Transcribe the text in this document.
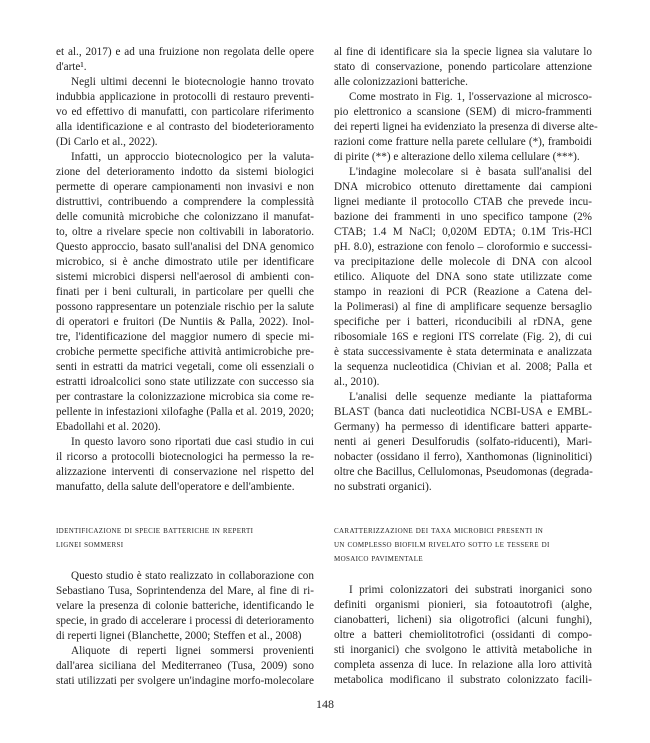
et al., 2017) e ad una fruizione non regolata delle opere
d'arte¹.
Negli ultimi decenni le biotecnologie hanno trovato
indubbia applicazione in protocolli di restauro preventi-
vo ed effettivo di manufatti, con particolare riferimento
alla identificazione e al contrasto del biodeterioramento
(Di Carlo et al., 2022).
Infatti, un approccio biotecnologico per la valuta-
zione del deterioramento indotto da sistemi biologici
permette di operare campionamenti non invasivi e non
distruttivi, contribuendo a comprendere la complessità
delle comunità microbiche che colonizzano il manufat-
to, oltre a rivelare specie non coltivabili in laboratorio.
Questo approccio, basato sull'analisi del DNA genomico
microbico, si è anche dimostrato utile per identificare
sistemi microbici dispersi nell'aerosol di ambienti con-
finati per i beni culturali, in particolare per quelli che
possono rappresentare un potenziale rischio per la salute
di operatori e fruitori (De Nuntiis & Palla, 2022). Inol-
tre, l'identificazione del maggior numero di specie mi-
crobiche permette specifiche attività antimicrobiche pre-
senti in estratti da matrici vegetali, come oli essenziali o
estratti idroalcolici sono state utilizzate con successo sia
per contrastare la colonizzazione microbica sia come re-
pellente in infestazioni xilofaghe (Palla et al. 2019, 2020;
Ebadollahi et al. 2020).
In questo lavoro sono riportati due casi studio in cui
il ricorso a protocolli biotecnologici ha permesso la re-
alizzazione interventi di conservazione nel rispetto del
manufatto, della salute dell'operatore e dell'ambiente.
identificazione di specie batteriche in reperti
lignei sommersi
Questo studio è stato realizzato in collaborazione con
Sebastiano Tusa, Soprintendenza del Mare, al fine di ri-
velare la presenza di colonie batteriche, identificando le
specie, in grado di accelerare i processi di deterioramento
di reperti lignei (Blanchette, 2000; Steffen et al., 2008)
Aliquote di reperti lignei sommersi provenienti
dall'area siciliana del Mediterraneo (Tusa, 2009) sono
stati utilizzati per svolgere un'indagine morfo-molecolare
al fine di identificare sia la specie lignea sia valutare lo
stato di conservazione, ponendo particolare attenzione
alle colonizzazioni batteriche.
Come mostrato in Fig. 1, l'osservazione al microsco-
pio elettronico a scansione (SEM) di micro-frammenti
dei reperti lignei ha evidenziato la presenza di diverse alte-
razioni come fratture nella parete cellulare (*), framboidi
di pirite (**) e alterazione dello xilema cellulare (***).
L'indagine molecolare si è basata sull'analisi del
DNA microbico ottenuto direttamente dai campioni
lignei mediante il protocollo CTAB che prevede incu-
bazione dei frammenti in uno specifico tampone (2%
CTAB; 1.4 M NaCl; 0,020M EDTA; 0.1M Tris-HCl
pH. 8.0), estrazione con fenolo – cloroformio e successi-
va precipitazione delle molecole di DNA con alcool
etilico. Aliquote del DNA sono state utilizzate come
stampo in reazioni di PCR (Reazione a Catena del-
la Polimerasi) al fine di amplificare sequenze bersaglio
specifiche per i batteri, riconducibili al rDNA, gene
ribosomiale 16S e regioni ITS correlate (Fig. 2), di cui
è stata successivamente è stata determinata e analizzata
la sequenza nucleotidica (Chivian et al. 2008; Palla et
al., 2010).
L'analisi delle sequenze mediante la piattaforma
BLAST (banca dati nucleotidica NCBI-USA e EMBL-
Germany) ha permesso di identificare batteri apparte-
nenti ai generi Desulforudis (solfato-riducenti), Mari-
nobacter (ossidano il ferro), Xanthomonas (ligninolitici)
oltre che Bacillus, Cellulomonas, Pseudomonas (degrada-
no substrati organici).
caratterizzazione dei taxa microbici presenti in
un complesso biofilm rivelato sotto le tessere di
mosaico pavimentale
I primi colonizzatori dei substrati inorganici sono
definiti organismi pionieri, sia fotoautotrofi (alghe,
cianobatteri, licheni) sia oligotrofici (alcuni funghi),
oltre a batteri chemiolitotrofici (ossidanti di compo-
sti inorganici) che svolgono le attività metaboliche in
completa assenza di luce. In relazione alla loro attività
metabolica modificano il substrato colonizzato facili-
148
